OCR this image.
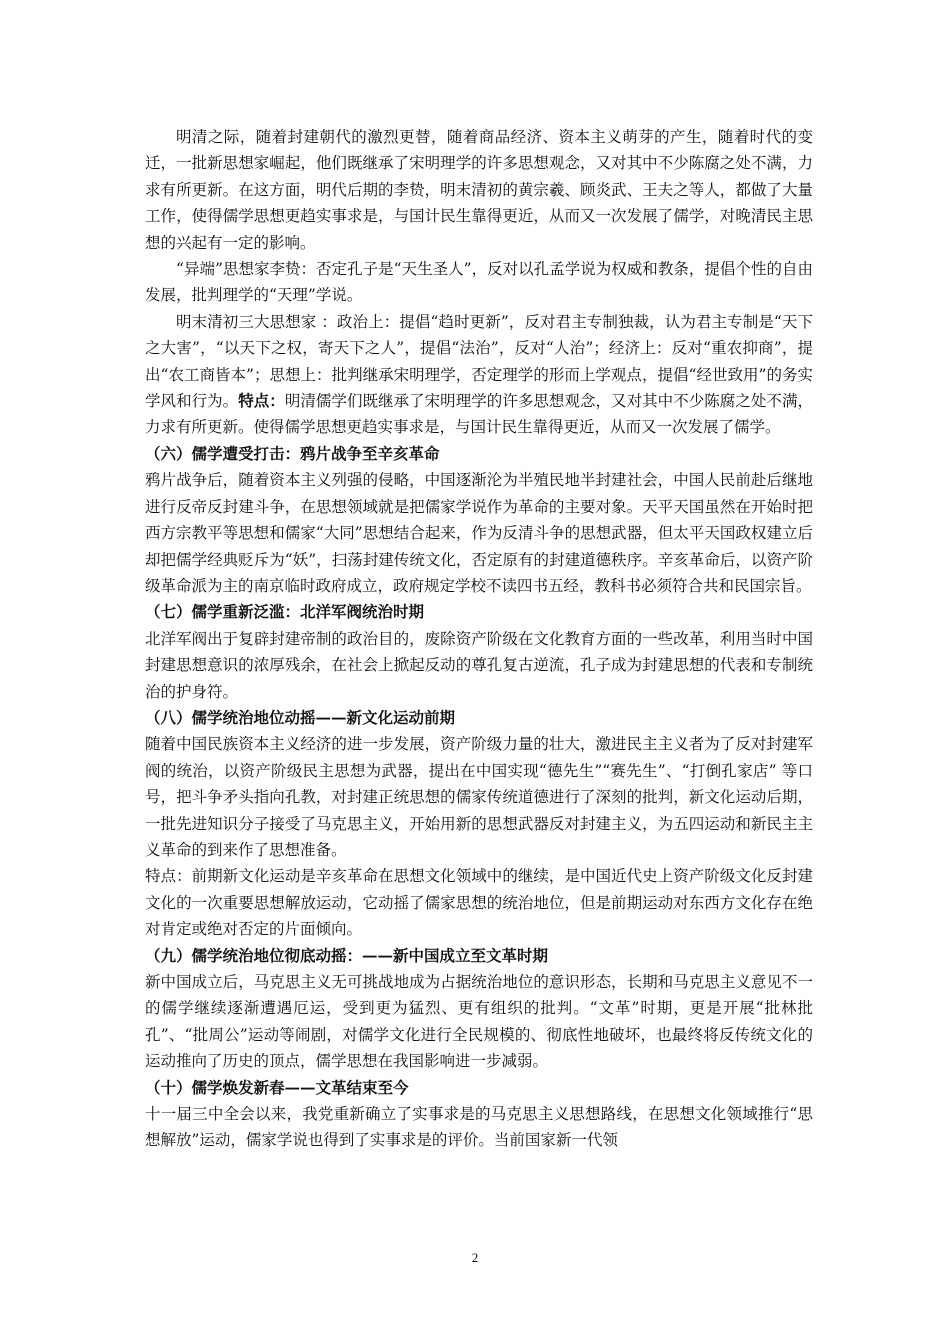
明清之际，随着封建朝代的激烈更替，随着商品经济、资本主义萌芽的产生，随着时代的变迁，一批新思想家崛起，他们既继承了宋明理学的许多思想观念，又对其中不少陈腐之处不满，力求有所更新。在这方面，明代后期的李贽，明末清初的黄宗羲、顾炎武、王夫之等人，都做了大量工作，使得儒学思想更趋实事求是，与国计民生靠得更近，从而又一次发展了儒学，对晚清民主思想的兴起有一定的影响。

“异端”思想家李贽：否定孔子是“天生圣人”，反对以孔孟学说为权威和教条，提倡个性的自由发展，批判理学的“天理”学说。

明末清初三大思想家 ：政治上：提倡“趋时更新”，反对君主专制独裁，认为君主专制是“天下之大害”，“以天下之权，寄天下之人”，提倡“法治”，反对“人治”；经济上：反对“重农抑商”，提出“农工商皆本”；思想上：批判继承宋明理学，否定理学的形而上学观点，提倡“经世致用”的务实学风和行为。特点：明清儒学们既继承了宋明理学的许多思想观念，又对其中不少陈腐之处不满，力求有所更新。使得儒学思想更趋实事求是，与国计民生靠得更近，从而又一次发展了儒学。

（六）儒学遭受打击：鸦片战争至辛亥革命

鸦片战争后，随着资本主义列强的侵略，中国逐渐沦为半殖民地半封建社会，中国人民前赴后继地进行反帝反封建斗争，在思想领域就是把儒家学说作为革命的主要对象。天平天国虽然在开始时把西方宗教平等思想和儒家“大同”思想结合起来，作为反清斗争的思想武器，但太平天国政权建立后却把儒学经典贬斥为“妖”，扫荡封建传统文化，否定原有的封建道德秩序。辛亥革命后，以资产阶级革命派为主的南京临时政府成立，政府规定学校不读四书五经，教科书必须符合共和民国宗旨。

（七）儒学重新泛滥：北洋军阀统治时期

北洋军阀出于复辟封建帝制的政治目的，废除资产阶级在文化教育方面的一些改革，利用当时中国封建思想意识的浓厚残余，在社会上掀起反动的尊孔复古逆流，孔子成为封建思想的代表和专制统治的护身符。

（八）儒学统治地位动摇——新文化运动前期

随着中国民族资本主义经济的进一步发展，资产阶级力量的壮大，激进民主主义者为了反对封建军阀的统治，以资产阶级民主思想为武器，提出在中国实现“德先生”“赛先生”、“打倒孔家店” 等口号，把斗争矛头指向孔教，对封建正统思想的儒家传统道德进行了深刻的批判，新文化运动后期，一批先进知识分子接受了马克思主义，开始用新的思想武器反对封建主义，为五四运动和新民主主义革命的到来作了思想准备。

特点：前期新文化运动是辛亥革命在思想文化领域中的继续，是中国近代史上资产阶级文化反封建文化的一次重要思想解放运动，它动摇了儒家思想的统治地位，但是前期运动对东西方文化存在绝对肯定或绝对否定的片面倾向。

（九）儒学统治地位彻底动摇：——新中国成立至文革时期

新中国成立后，马克思主义无可挑战地成为占据统治地位的意识形态，长期和马克思主义意见不一的儒学继续逐渐遭遇厄运，受到更为猛烈、更有组织的批判。“文革”时期，更是开展“批林批孔”、“批周公”运动等闹剧，对儒学文化进行全民规模的、彻底性地破坏，也最终将反传统文化的运动推向了历史的顶点，儒学思想在我国影响进一步减弱。

（十）儒学焕发新春——文革结束至今

十一届三中全会以来，我党重新确立了实事求是的马克思主义思想路线，在思想文化领域推行“思想解放”运动，儒家学说也得到了实事求是的评价。当前国家新一代领

2
